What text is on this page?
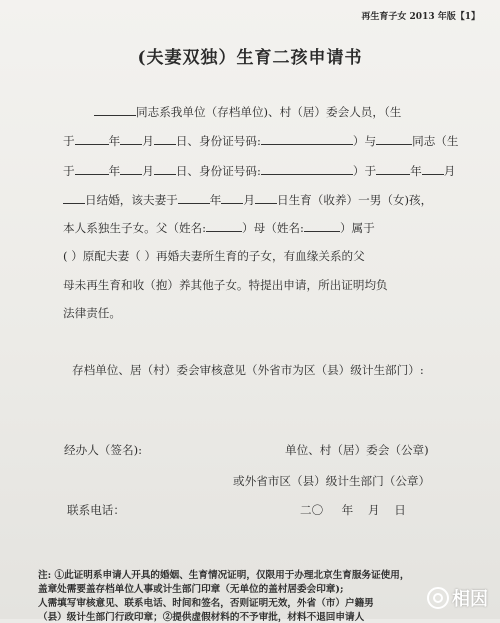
再生育子女 2013 年版【1】
(夫妻双独）生育二孩申请书
同志系我单位（存档单位)、村（居）委会人员，（生
于	年 月 日、身份证号码:	）与	同志（生
于	年 月 日、身份证号码:	）于	年 月
日结婚，该夫妻于	年 月 日生育（收养）一男（女)孩，
本人系独生子女。父（姓名:	）母（姓名:	）属于
( ）原配夫妻（ ）再婚夫妻所生育的子女，有血缘关系的父
母未再生育和收（抱）养其他子女。特提出申请，所出证明均负
法律责任。
存档单位、居（村）委会审核意见（外省市为区（县）级计生部门）:
经办人（签名):	单位、村（居）委会（公章)
或外省市区（县）级计生部门（公章）
联系电话：	二〇     年    月    日
注: ①此证明系申请人开具的婚姻、生育情况证明，仅限用于办理北京生育服务证使用，
盖章处需要盖存档单位人事或计生部门印章（无单位的盖村居委会印章);
人需填写审核意见、联系电话、时间和签名，否则证明无效，外省（市）户籍男
（县）级计生部门行政印章；②提供虚假材料的不予审批，材料不退回申请人
相因
